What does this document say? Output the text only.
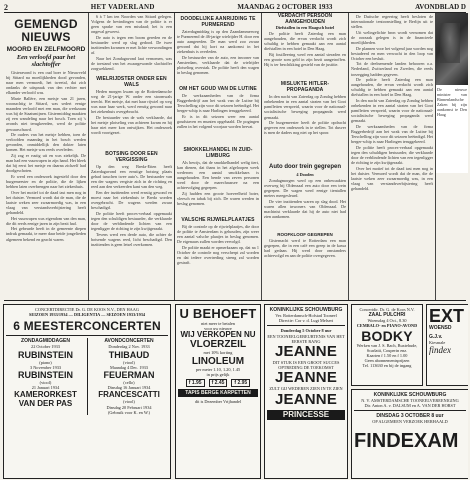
2	HET VADERLAND	MAANDAG 2 OCTOBER 1933	AVONDBLAD D
GEMENGD NIEUWS
MOORD EN ZELFMOORD
Een verloofd paar het slachtoffer

Gisteravond is een oud boer te Nieuwveld bij Sittard na moeilijkheden dood gevonden, naar men vermoedt, het tweetal, dat zich ondanks de uitspraak van den rechter met elkander verloofd was.

Marie Ballére, een meisje van 21 jaren, woonachtig te Sittard, was sedert eenige maanden verloofd met een man, die werkzaam was bij de Staatsmijnen. Gistermiddag maakten zij een wandeling naar het bosch. Toen zij 's avonds niet terugkeerden, werd de politie gewaarschuwd.

De ouders van het meisje hebben, toen de verloofden maandag in het bosch werden gevonden, onmiddellijk den dokter laten komen. Het meisje was reeds overleden.

Zij zag er rustig uit en was ziekelijk. De man had een vuurwapen in zijn hand. Het bleek dat hij eerst het meisje en daarna zichzelf had doodgeschoten.

Er werd een onderzoek ingesteld door den burgemeester en de politie, die de lijken hebben laten overbrengen naar het ziekenhuis.

Over het motief tot de daad tast men nog in het duister. Vermoed wordt dat de man, die de laatste weken zeer zwaarmoedig was, in een vlaag van verstandsverbijstering heeft gehandeld.

Het vuurwapen was eigendom van den man, die dit reeds eenige jaren in zijn bezit had.

Het gebeurde heeft in de gemeente diepen indruk gemaakt, te meer daar beide jongelieden algemeen bekend en geacht waren.

6 à 7 km ten Noorden van Sittard gelegen. Volgens de bevindingen van de politie is er geen sprake van een misdaad; het is een ongeval geweest.

De auto is tegen een boom gereden en de bestuurder werd op slag gedood. De twee inzittenden kwamen er met lichte verwondingen af.

Naar het Zondagavond laat vernomen, was de toestand van het zwaargewonde slachtoffer zorgwekkend.

WIELRIJDSTER ONDER EEN WALS

Heden morgen kwam op de Rotterdamsche weg de 21-jarige W. onder een stoomwals terecht. Het meisje, dat met haar rijwiel op weg was naar haar werk, werd ernstig gewond naar het ziekenhuis overgebracht.

De bestuurder van de wals verklaarde, dat het meisje plotseling van achteren kwam en hij haar niet meer kon ontwijken. Het onderzoek wordt voortgezet.

BOTSING DOOR EEN VERGISSING

Op den weg Breda-Etten heeft Zaterdagavond een ernstige botsing plaats gehad tusschen twee auto's. De bestuurder van een der wagens vergiste zich in de richting en reed aan den verkeerden kant van den weg.

Een der inzittenden werd ernstig gewond en moest naar het ziekenhuis te Breda worden overgebracht. De wagens werden zwaar beschadigd.

De politie heeft proces-verbaal opgemaakt tegen den schuldigen bestuurder, die verklaarde door de verblindende lichten van een tegenligger de richting te zijn kwijtgeraakt.

Tevens werd een derde auto, die achter de botsende wagens reed, licht beschadigd. Den inzittenden is geen letsel overkomen.

DOODELIJKE AANRIJDING TE PURMEREND

Zaterdagmiddag is op den Zaandammerweg te Purmerend de 46-jarige wielrijder H. door een auto aangereden. De man werd zoo zwaar gewond dat hij kort na aankomst in het ziekenhuis is overleden.

De bestuurder van de auto, een inwoner van Amsterdam, verklaarde dat de wielrijder plotseling overstak. De politie heeft den wagen in beslag genomen.

OM HET GOUD VAN DE LUTINE

De werkzaamheden van de firma Baggerbedrijf aan het wrak van de Lutine bij Terschelling zijn voor dit seizoen beëindigd. Het berger-schip is naar Harlingen teruggekeerd.

Er is in dit seizoen weer een aantal goudstaven en munten opgehaald. De pogingen zullen in het volgend voorjaar worden hervat.

SMOKKELHANDEL IN ZUID-LIMBURG

Als bewijs, dat de smokkelhandel welig tiert, kan dienen, dat thans in het afgeloopen week wederom een aantal smokkelaars is aangehouden. Een bende van zeven personen werd door de marechaussee na een achtervolging gegrepen.

Zij hadden een groote hoeveelheid boter, vleesch en tabak bij zich. De waren werden in beslag genomen.

VALSCHE RIJWIELPLAATJES

Bij de controle op de rijwielplaatjes, die door de politie te Amsterdam is gehouden, zijn weer een aantal valsche plaatjes in beslag genomen. De eigenaars zullen worden vervolgd.

De politie maakt er opmerkzaam op, dat na 1 October de controle nog verscherpt zal worden en dat iedere overtreding streng zal worden gestraft.

VERDACHT PERSOON AANGEHOUDEN
Diefstallen in een Haagsch hotel

De politie heeft Zaterdag een man aangehouden, die ervan verdacht wordt zich schuldig te hebben gemaakt aan een aantal diefstallen in een hotel in Den Haag.

Bij fouilleering werd een aantal sieraden en een groote som geld in zijn bezit aangetroffen. Hij is ter beschikking gesteld van de justitie.

MISLUKTE HITLER-PROPAGANDA

In den nacht van Zaterdag op Zondag hebben onbekenden in een aantal straten van het Gooi pamfletten verspreid, waarin voor de nationaal-socialistische beweging propaganda werd gemaakt.

De burgemeester heeft de politie opdracht gegeven een onderzoek in te stellen. Tot dusver is men de daders nog niet op het spoor.

Auto door trein gegrepen
4 Dooden

Zondagmorgen werd op een onbewaakten overweg bij Oldenzaal een auto door een trein gegrepen. De wagen werd eenige tientallen meters meegesleurd.

De vier inzittenden waren op slag dood. Het waren allen inwoners van Oldenzaal. De machinist verklaarde dat hij de auto niet had zien aankomen.

ROOFKLOOF GEGREPEN

Gisternacht werd te Rotterdam een man gegrepen, die in een café een greep in de kassa had gedaan. Hij werd door omstanders achtervolgd en aan de politie overgegeven.

De Duitsche regeering heeft besloten de internationale tentoonstelling te Berlijn uit te stellen.

Uit welingelichte bron wordt vernomen dat de oorzaak gelegen is in de financieele moeilijkheden.

De plannen voor het volgend jaar worden nog bestudeerd en men verwacht in den loop van October een besluit.

Tot de deelnemende landen behooren o.a. Nederland, Zwitserland en Zweden, die reeds toezegging hadden gegeven.

De politie heeft Zaterdag een man aangehouden, die ervan verdacht wordt zich schuldig te hebben gemaakt aan een aantal diefstallen in een hotel in Den Haag.

In den nacht van Zaterdag op Zondag hebben onbekenden in een aantal straten van het Gooi pamfletten verspreid, waarin voor de nationaal-socialistische beweging propaganda werd gemaakt.

De werkzaamheden van de firma Baggerbedrijf aan het wrak van de Lutine bij Terschelling zijn voor dit seizoen beëindigd. Het berger-schip is naar Harlingen teruggekeerd.

De politie heeft proces-verbaal opgemaakt tegen den schuldigen bestuurder, die verklaarde door de verblindende lichten van een tegenligger de richting te zijn kwijtgeraakt.

Over het motief tot de daad tast men nog in het duister. Vermoed wordt dat de man, die de laatste weken zeer zwaarmoedig was, in een vlaag van verstandsverbijstering heeft gehandeld.

De nieuwe minister van Binnenlandsche Zaken bij zijn aankomst te Den Haag
CONCERTDIRECTIE Dr. G. DE KOOS N.V., DEN HAAG
SEIZOEN 1933/1934 — DILIGENTIA — SEIZOEN 1933/1934
6 MEESTERCONCERTEN
ZONDAGMIDDAGEN
22 October 1933
RUBINSTEIN
(piano)
3 November 1933
RUBINSTEIN
(viool)
21 Januari 1934
KAMERORKEST VAN DER PAS
AVONDCONCERTEN
Donderdag 2 Nov. 1933
THIBAUD
(viool)
Maandag 4 Dec. 1933
FEUERMAN
(cello)
Dinsdag 16 Januari 1934
FRANCESCATTI
(viool)
Dinsdag 20 Februari 1934
(Gebruik voor K. en W.)
U BEHOEFT
niet meer te betalen
voor uw nieuwe
WIJ VERKOPEN NU
VLOERZEIL
met 10% korting
LINOLEUM
per meter 1.10, 1.20, 1.45
in prijs gelijk
f 1.95	f 2.45	f 2.95
TAPIS BERGE KARPETTEN
dit is Dezember Vrijhandel
KONINKLIJKE SCHOUWBURG
Ver. Rotterdamsch-Hofstad Tooneel
Directie: Cor v. d. Lugt Melsert
Donderdag 5 October 8 uur
EEN TOONEELGEBEURTENIS VAN HET EERSTE RANG
JEANNE
DIT STUK IS EEN GROOT SUCCES OPTREDING DE TOEKOMST
JEANNE
ZULT GIJ WEDEREN ZIEN IN TE ZIEN
JEANNE
PRINCESSE
Concertdir. Dr. G. de Koos N.V.
ZAAL PULCHRI
Woensdag 4 Oct., 8.30
CEMBALO- en PIANO-AVOND
BODKY
Werken van J. S. Bach, Buxtehude, Scarlatti, Couperin enz.
Kaarten f 1.50 en f 1.00
Geen abonnementsprijzen
Tel. 113630 en bij de ingang
EXT
WOENSD
G.J.v.
Kiesmale
findex
KONINKLIJKE SCHOUWBURG
N. V. AMSTERDAMSCHE TOONEELVEREENIGING
Dir. Anton A. v. DALSUM en A. VAN DER HORST
DINSDAG 3 OCTOBER 8 uur
OP ALGEMEEN VERZOEK HERHAALD
FINDEXAM
